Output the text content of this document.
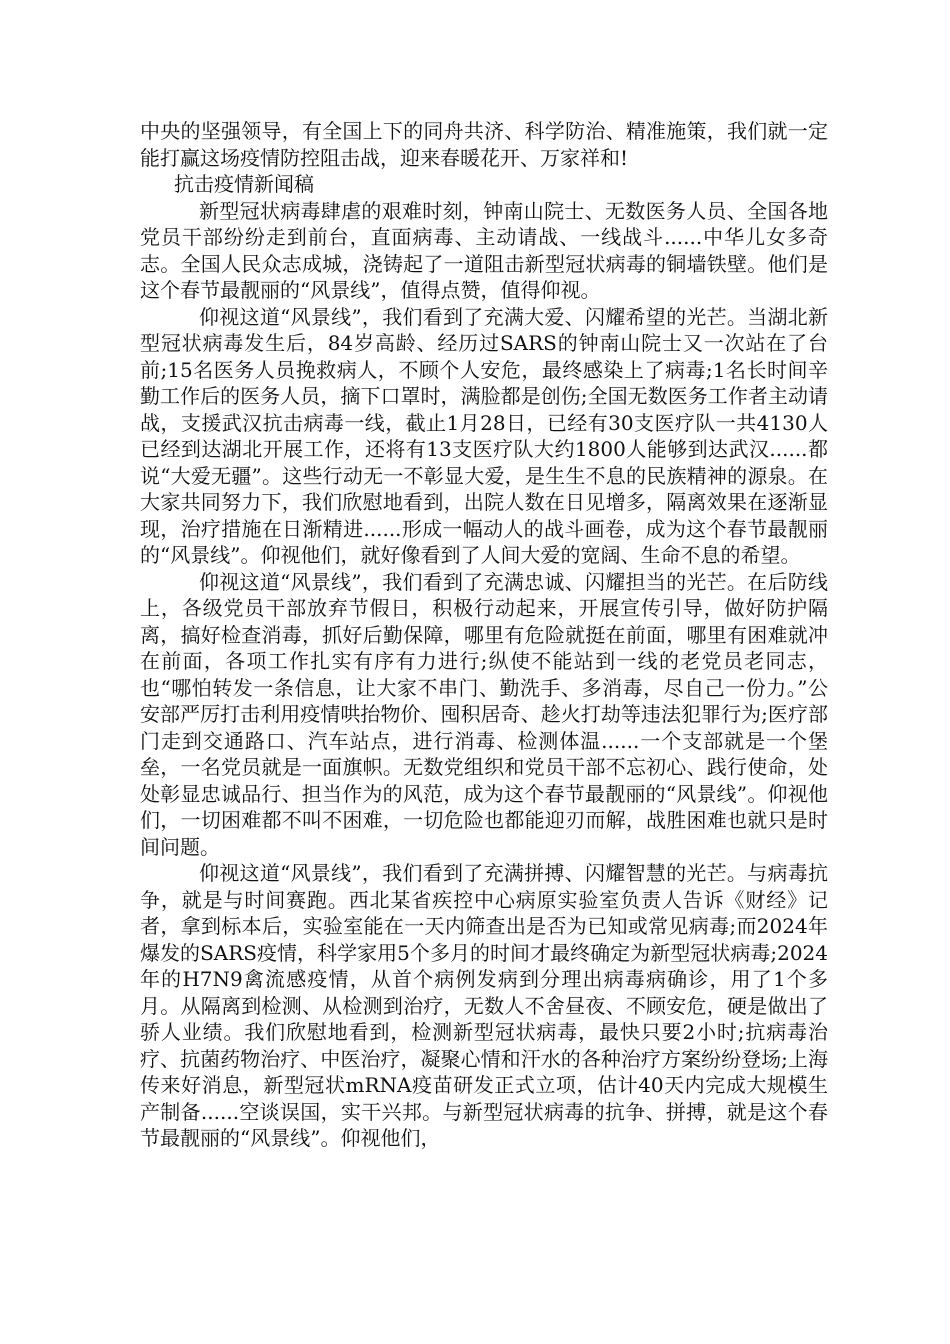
中央的坚强领导，有全国上下的同舟共济、科学防治、精准施策，我们就一定能打赢这场疫情防控阻击战，迎来春暖花开、万家祥和!

抗击疫情新闻稿

新型冠状病毒肆虐的艰难时刻，钟南山院士、无数医务人员、全国各地党员干部纷纷走到前台，直面病毒、主动请战、一线战斗......中华儿女多奇志。全国人民众志成城，浇铸起了一道阻击新型冠状病毒的铜墙铁壁。他们是这个春节最靓丽的“风景线”，值得点赞，值得仰视。

仰视这道“风景线”，我们看到了充满大爱、闪耀希望的光芒。当湖北新型冠状病毒发生后，84岁高龄、经历过SARS的钟南山院士又一次站在了台前;15名医务人员挽救病人，不顾个人安危，最终感染上了病毒;1名长时间辛勤工作后的医务人员，摘下口罩时，满脸都是创伤;全国无数医务工作者主动请战，支援武汉抗击病毒一线，截止1月28日，已经有30支医疗队一共4130人已经到达湖北开展工作，还将有13支医疗队大约1800人能够到达武汉......都说“大爱无疆”。这些行动无一不彰显大爱，是生生不息的民族精神的源泉。在大家共同努力下，我们欣慰地看到，出院人数在日见增多，隔离效果在逐渐显现，治疗措施在日渐精进......形成一幅动人的战斗画卷，成为这个春节最靓丽的“风景线”。仰视他们，就好像看到了人间大爱的宽阔、生命不息的希望。

仰视这道“风景线”，我们看到了充满忠诚、闪耀担当的光芒。在后防线上，各级党员干部放弃节假日，积极行动起来，开展宣传引导，做好防护隔离，搞好检查消毒，抓好后勤保障，哪里有危险就挺在前面，哪里有困难就冲在前面，各项工作扎实有序有力进行;纵使不能站到一线的老党员老同志，也“哪怕转发一条信息，让大家不串门、勤洗手、多消毒，尽自己一份力。”公安部严厉打击利用疫情哄抬物价、囤积居奇、趁火打劫等违法犯罪行为;医疗部门走到交通路口、汽车站点，进行消毒、检测体温......一个支部就是一个堡垒，一名党员就是一面旗帜。无数党组织和党员干部不忘初心、践行使命，处处彰显忠诚品行、担当作为的风范，成为这个春节最靓丽的“风景线”。仰视他们，一切困难都不叫不困难，一切危险也都能迎刃而解，战胜困难也就只是时间问题。

仰视这道“风景线”，我们看到了充满拼搏、闪耀智慧的光芒。与病毒抗争，就是与时间赛跑。西北某省疾控中心病原实验室负责人告诉《财经》记者，拿到标本后，实验室能在一天内筛查出是否为已知或常见病毒;而2024年爆发的SARS疫情，科学家用5个多月的时间才最终确定为新型冠状病毒;2024年的H7N9禽流感疫情，从首个病例发病到分理出病毒病确诊，用了1个多月。从隔离到检测、从检测到治疗，无数人不舍昼夜、不顾安危，硬是做出了骄人业绩。我们欣慰地看到，检测新型冠状病毒，最快只要2小时;抗病毒治疗、抗菌药物治疗、中医治疗，凝聚心情和汗水的各种治疗方案纷纷登场;上海传来好消息，新型冠状mRNA疫苗研发正式立项，估计40天内完成大规模生产制备......空谈误国，实干兴邦。与新型冠状病毒的抗争、拼搏，就是这个春节最靓丽的“风景线”。仰视他们，
